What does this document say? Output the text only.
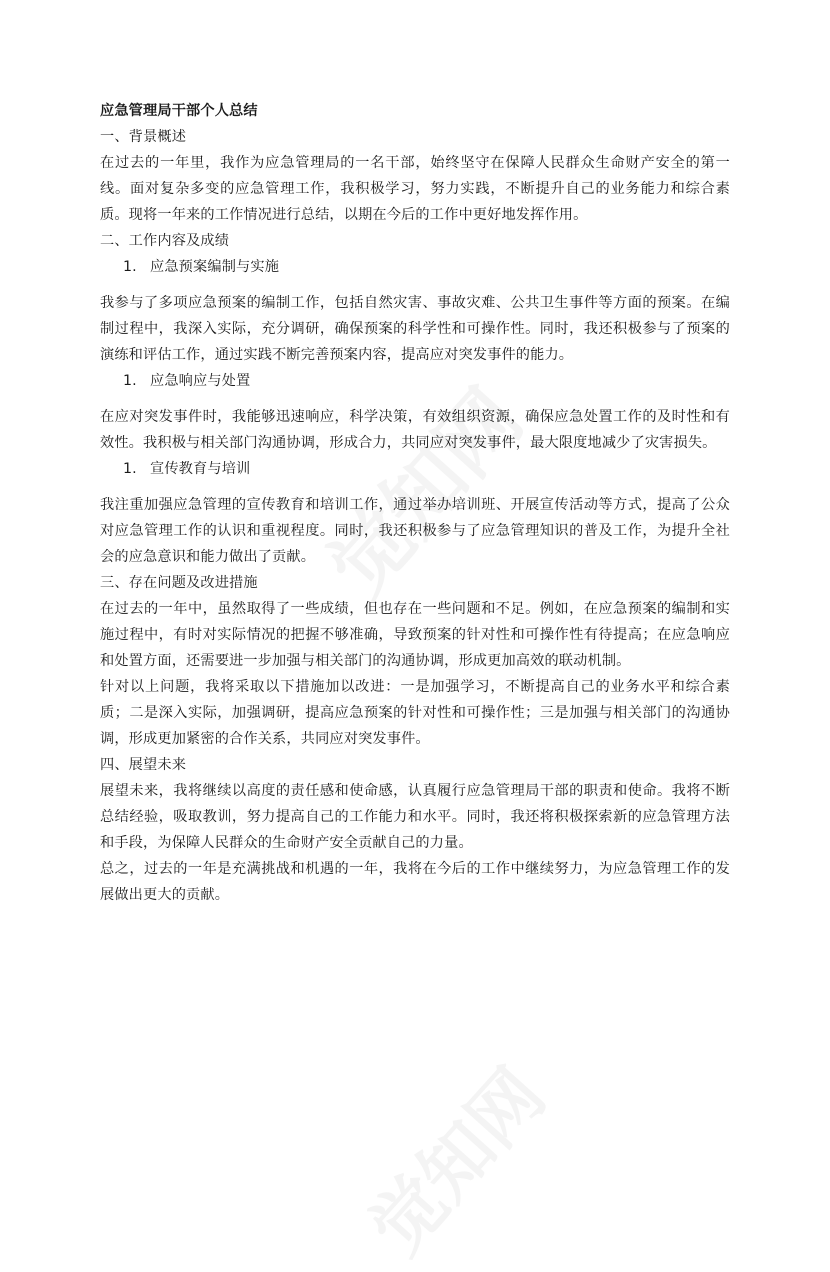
应急管理局干部个人总结

一、背景概述

在过去的一年里，我作为应急管理局的一名干部，始终坚守在保障人民群众生命财产安全的第一线。面对复杂多变的应急管理工作，我积极学习，努力实践，不断提升自己的业务能力和综合素质。现将一年来的工作情况进行总结，以期在今后的工作中更好地发挥作用。

二、工作内容及成绩

1. 应急预案编制与实施

我参与了多项应急预案的编制工作，包括自然灾害、事故灾难、公共卫生事件等方面的预案。在编制过程中，我深入实际，充分调研，确保预案的科学性和可操作性。同时，我还积极参与了预案的演练和评估工作，通过实践不断完善预案内容，提高应对突发事件的能力。

1. 应急响应与处置

在应对突发事件时，我能够迅速响应，科学决策，有效组织资源，确保应急处置工作的及时性和有效性。我积极与相关部门沟通协调，形成合力，共同应对突发事件，最大限度地减少了灾害损失。

1. 宣传教育与培训

我注重加强应急管理的宣传教育和培训工作，通过举办培训班、开展宣传活动等方式，提高了公众对应急管理工作的认识和重视程度。同时，我还积极参与了应急管理知识的普及工作，为提升全社会的应急意识和能力做出了贡献。

三、存在问题及改进措施

在过去的一年中，虽然取得了一些成绩，但也存在一些问题和不足。例如，在应急预案的编制和实施过程中，有时对实际情况的把握不够准确，导致预案的针对性和可操作性有待提高；在应急响应和处置方面，还需要进一步加强与相关部门的沟通协调，形成更加高效的联动机制。

针对以上问题，我将采取以下措施加以改进：一是加强学习，不断提高自己的业务水平和综合素质；二是深入实际，加强调研，提高应急预案的针对性和可操作性；三是加强与相关部门的沟通协调，形成更加紧密的合作关系，共同应对突发事件。

四、展望未来

展望未来，我将继续以高度的责任感和使命感，认真履行应急管理局干部的职责和使命。我将不断总结经验，吸取教训，努力提高自己的工作能力和水平。同时，我还将积极探索新的应急管理方法和手段，为保障人民群众的生命财产安全贡献自己的力量。

总之，过去的一年是充满挑战和机遇的一年，我将在今后的工作中继续努力，为应急管理工作的发展做出更大的贡献。
